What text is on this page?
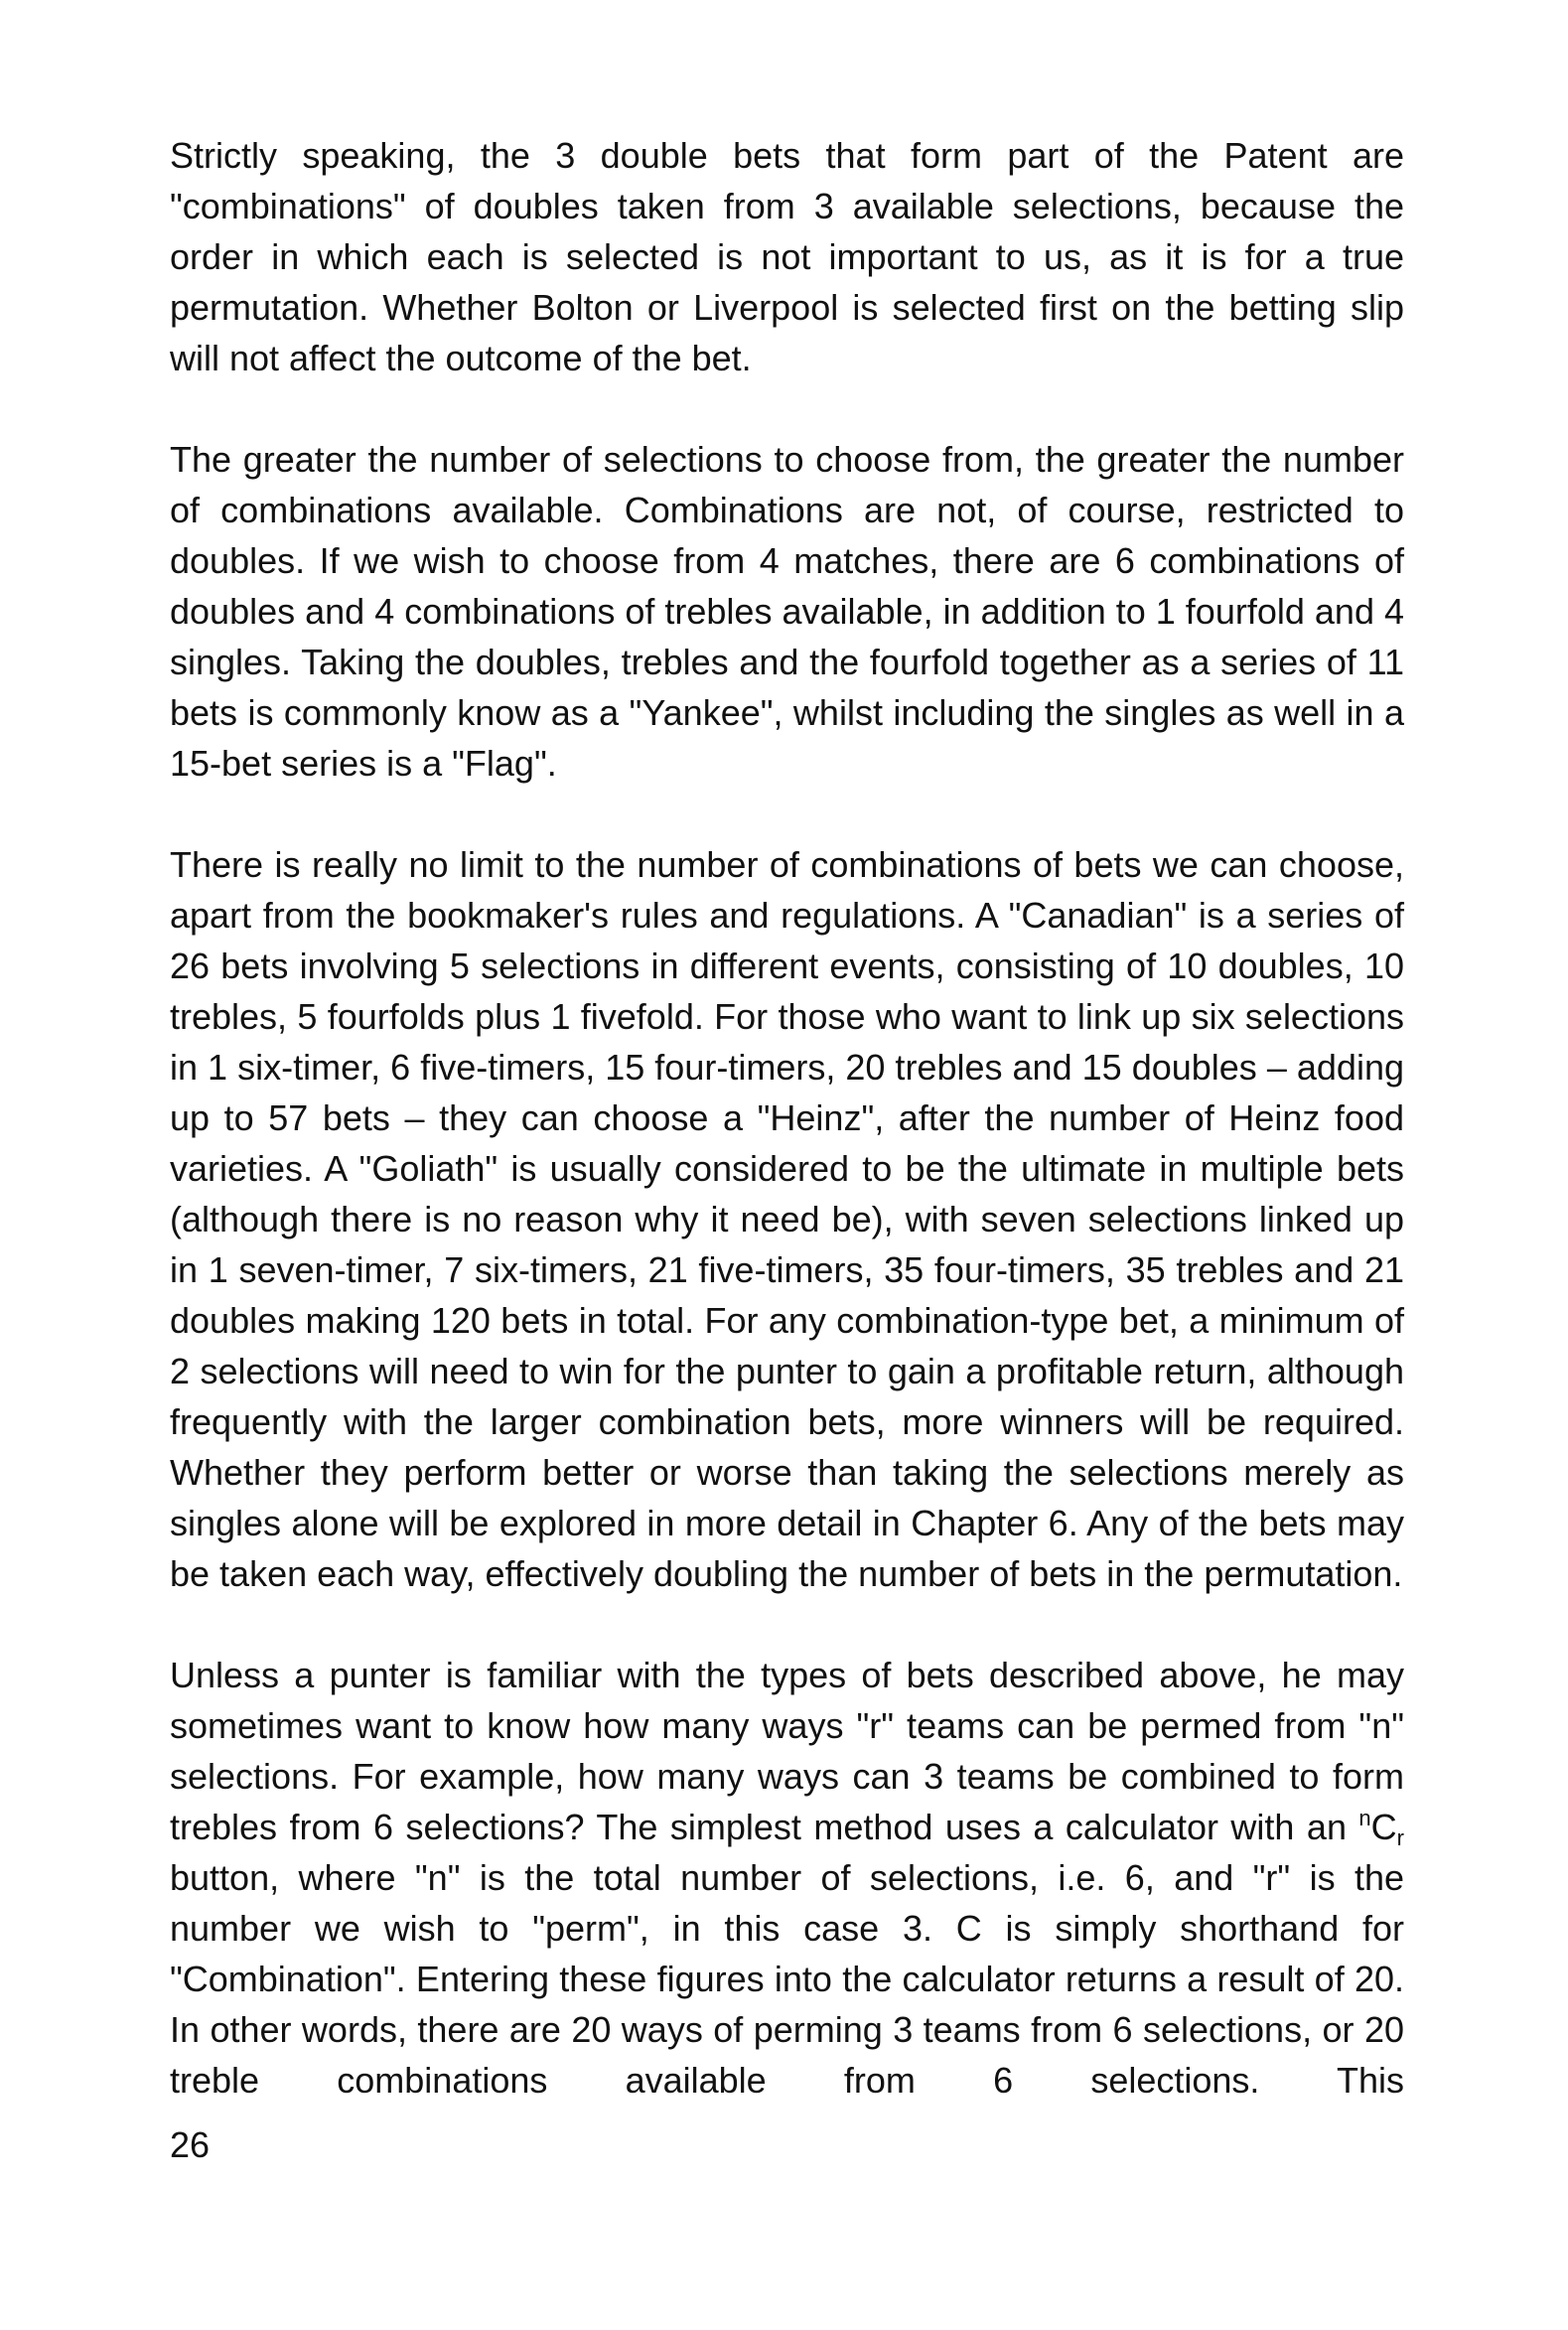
Strictly speaking, the 3 double bets that form part of the Patent are "combinations" of doubles taken from 3 available selections, because the order in which each is selected is not important to us, as it is for a true permutation. Whether Bolton or Liverpool is selected first on the betting slip will not affect the outcome of the bet.

The greater the number of selections to choose from, the greater the number of combinations available. Combinations are not, of course, restricted to doubles. If we wish to choose from 4 matches, there are 6 combinations of doubles and 4 combinations of trebles available, in addition to 1 fourfold and 4 singles. Taking the doubles, trebles and the fourfold together as a series of 11 bets is commonly know as a "Yankee", whilst including the singles as well in a 15-bet series is a "Flag".

There is really no limit to the number of combinations of bets we can choose, apart from the bookmaker's rules and regulations. A "Canadian" is a series of 26 bets involving 5 selections in different events, consisting of 10 doubles, 10 trebles, 5 fourfolds plus 1 fivefold. For those who want to link up six selections in 1 six-timer, 6 five-timers, 15 four-timers, 20 trebles and 15 doubles – adding up to 57 bets – they can choose a "Heinz", after the number of Heinz food varieties. A "Goliath" is usually considered to be the ultimate in multiple bets (although there is no reason why it need be), with seven selections linked up in 1 seven-timer, 7 six-timers, 21 five-timers, 35 four-timers, 35 trebles and 21 doubles making 120 bets in total. For any combination-type bet, a minimum of 2 selections will need to win for the punter to gain a profitable return, although frequently with the larger combination bets, more winners will be required. Whether they perform better or worse than taking the selections merely as singles alone will be explored in more detail in Chapter 6. Any of the bets may be taken each way, effectively doubling the number of bets in the permutation.

Unless a punter is familiar with the types of bets described above, he may sometimes want to know how many ways "r" teams can be permed from "n" selections. For example, how many ways can 3 teams be combined to form trebles from 6 selections? The simplest method uses a calculator with an $^nC_r$ button, where "n" is the total number of selections, i.e. 6, and "r" is the number we wish to "perm", in this case 3. C is simply shorthand for "Combination". Entering these figures into the calculator returns a result of 20. In other words, there are 20 ways of perming 3 teams from 6 selections, or 20 treble combinations available from 6 selections. This

26
